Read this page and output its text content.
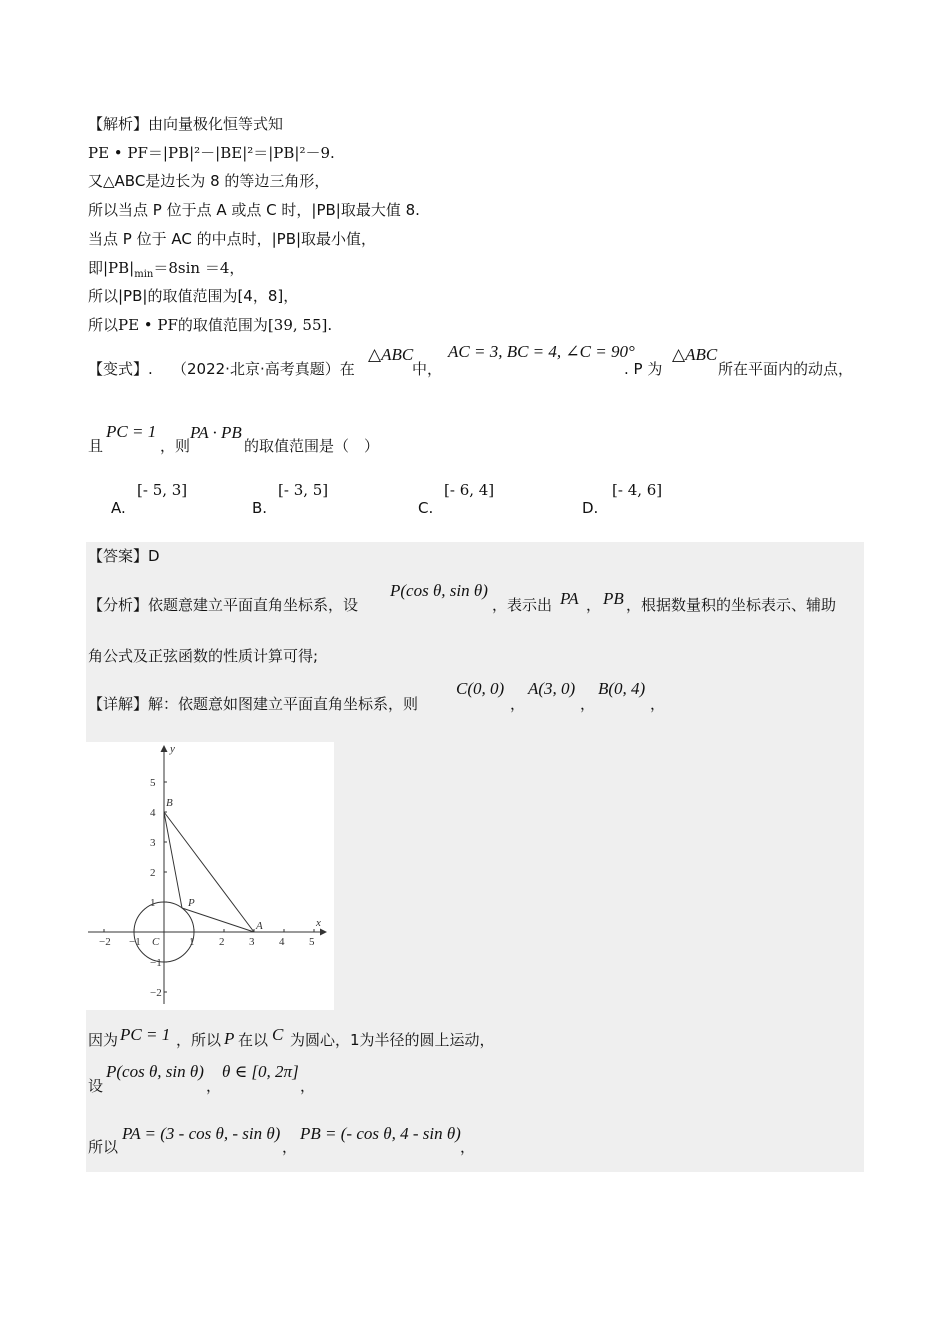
【解析】由向量极化恒等式知
PE • PF＝|PB|²－|BE|²＝|PB|²－9.
又△ABC是边长为 8 的等边三角形，
所以当点 P 位于点 A 或点 C 时，|PB|取最大值 8.
当点 P 位于 AC 的中点时，|PB|取最小值，
即$|PB|_{min}=8\sin =4$，
所以|PB|的取值范围为[4，8]，
所以PE • PF的取值范围为[39, 55].
【变式】. （2022·北京·高考真题）在
△ABC
中，
AC = 3, BC = 4, ∠C = 90°
. P 为
△ABC
所在平面内的动点，
且
PC = 1
，则
PA · PB
的取值范围是（　）
A.
[- 5, 3]
B.
[- 3, 5]
C.
[- 6, 4]
D.
[- 4, 6]
【答案】D
【分析】依题意建立平面直角坐标系，设
P(cos θ, sin θ)
，表示出 PA ， PB ，根据数量积的坐标表示、辅助
角公式及正弦函数的性质计算可得;
【详解】解：依题意如图建立平面直角坐标系，则
C(0, 0)
，
A(3, 0)
，
B(0, 4)
，
x
y
−2 −1	1 2 3 4 5
5
4
3
2
1
−1
−2
A
B
C
P
因为 PC = 1 ，所以 P 在以 C 为圆心，1为半径的圆上运动，
设
P(cos θ, sin θ)
，
θ ∈ [0, 2π]
，
所以
PA = (3 - cos θ, - sin θ)
，
PB = (- cos θ, 4 - sin θ)
，
